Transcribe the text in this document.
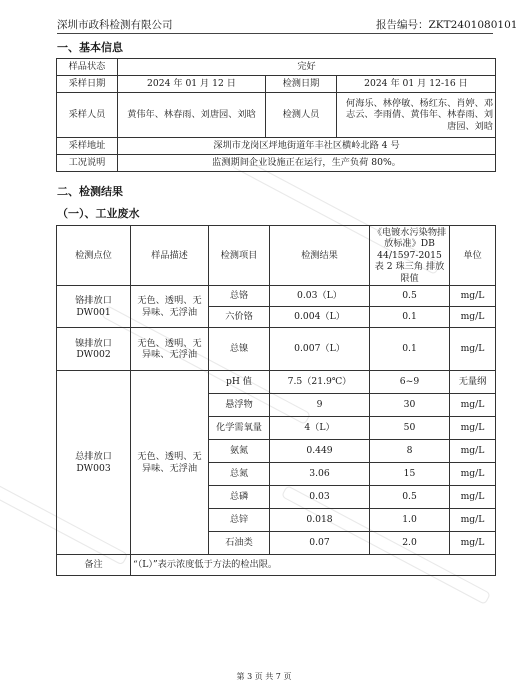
深圳市政科检测有限公司	报告编号：ZKT2401080101
一、基本信息
样品状态	完好		
采样日期	2024 年 01 月 12 日	检测日期	2024 年 01 月 12-16 日
采样人员	黄伟年、林春雨、刘唐园、刘晗	检测人员	何海乐、林停敏、杨红东、肖婷、邓志云、李雨倩、黄伟年、林春雨、刘唐园、刘晗
采样地址	深圳市龙岗区坪地街道年丰社区横岭北路 4 号		
工况说明	监测期间企业设施正在运行，生产负荷 80%。		
二、检测结果
（一）、工业废水
检测点位	样品描述	检测项目	检测结果	《电镀水污染物排放标准》DB 44/1597-2015 表 2 珠三角 排放限值	单位
铬排放口 DW001	无色、透明、无异味、无浮油	总铬	0.03（L）	0.5	mg/L
		六价铬	0.004（L）	0.1	mg/L
镍排放口 DW002	无色、透明、无异味、无浮油	总镍	0.007（L）	0.1	mg/L
总排放口 DW003	无色、透明、无异味、无浮油	pH 值	7.5（21.9℃）	6~9	无量纲
		悬浮物	9	30	mg/L
		化学需氧量	4（L）	50	mg/L
		氨氮	0.449	8	mg/L
		总氮	3.06	15	mg/L
		总磷	0.03	0.5	mg/L
		总锌	0.018	1.0	mg/L
		石油类	0.07	2.0	mg/L
备注	“（L）”表示浓度低于方法的检出限。				
第 3 页 共 7 页
